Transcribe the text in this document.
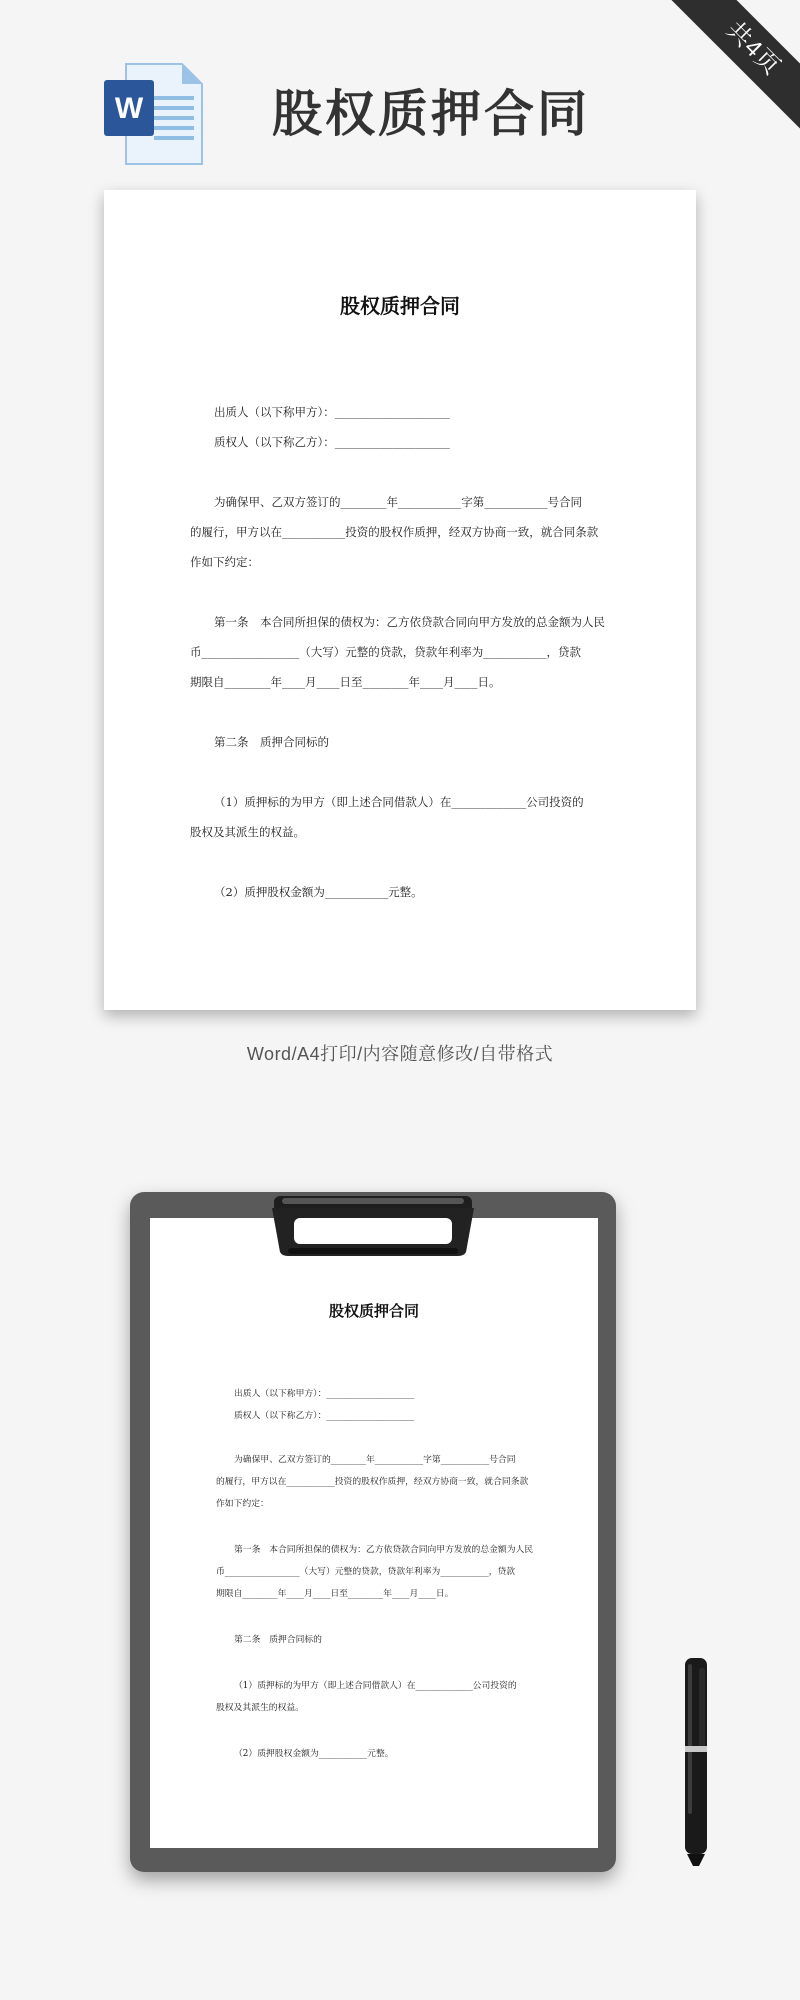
共4页
W	股权质押合同
股权质押合同
出质人（以下称甲方）：____________________
质权人（以下称乙方）：____________________
为确保甲、乙双方签订的________年___________字第___________号合同
的履行，甲方以在___________投资的股权作质押，经双方协商一致，就合同条款
作如下约定：
第一条　本合同所担保的债权为：乙方依贷款合同向甲方发放的总金额为人民
币_________________（大写）元整的贷款，贷款年利率为___________，贷款
期限自________年____月____日至________年____月____日。
第二条　质押合同标的
（1）质押标的为甲方（即上述合同借款人）在_____________公司投资的
股权及其派生的权益。
（2）质押股权金额为___________元整。
Word/A4打印/内容随意修改/自带格式
股权质押合同
出质人（以下称甲方）：____________________
质权人（以下称乙方）：____________________
为确保甲、乙双方签订的________年___________字第___________号合同
的履行，甲方以在___________投资的股权作质押，经双方协商一致，就合同条款
作如下约定：
第一条　本合同所担保的债权为：乙方依贷款合同向甲方发放的总金额为人民
币_________________（大写）元整的贷款，贷款年利率为___________，贷款
期限自________年____月____日至________年____月____日。
第二条　质押合同标的
（1）质押标的为甲方（即上述合同借款人）在_____________公司投资的
股权及其派生的权益。
（2）质押股权金额为___________元整。
